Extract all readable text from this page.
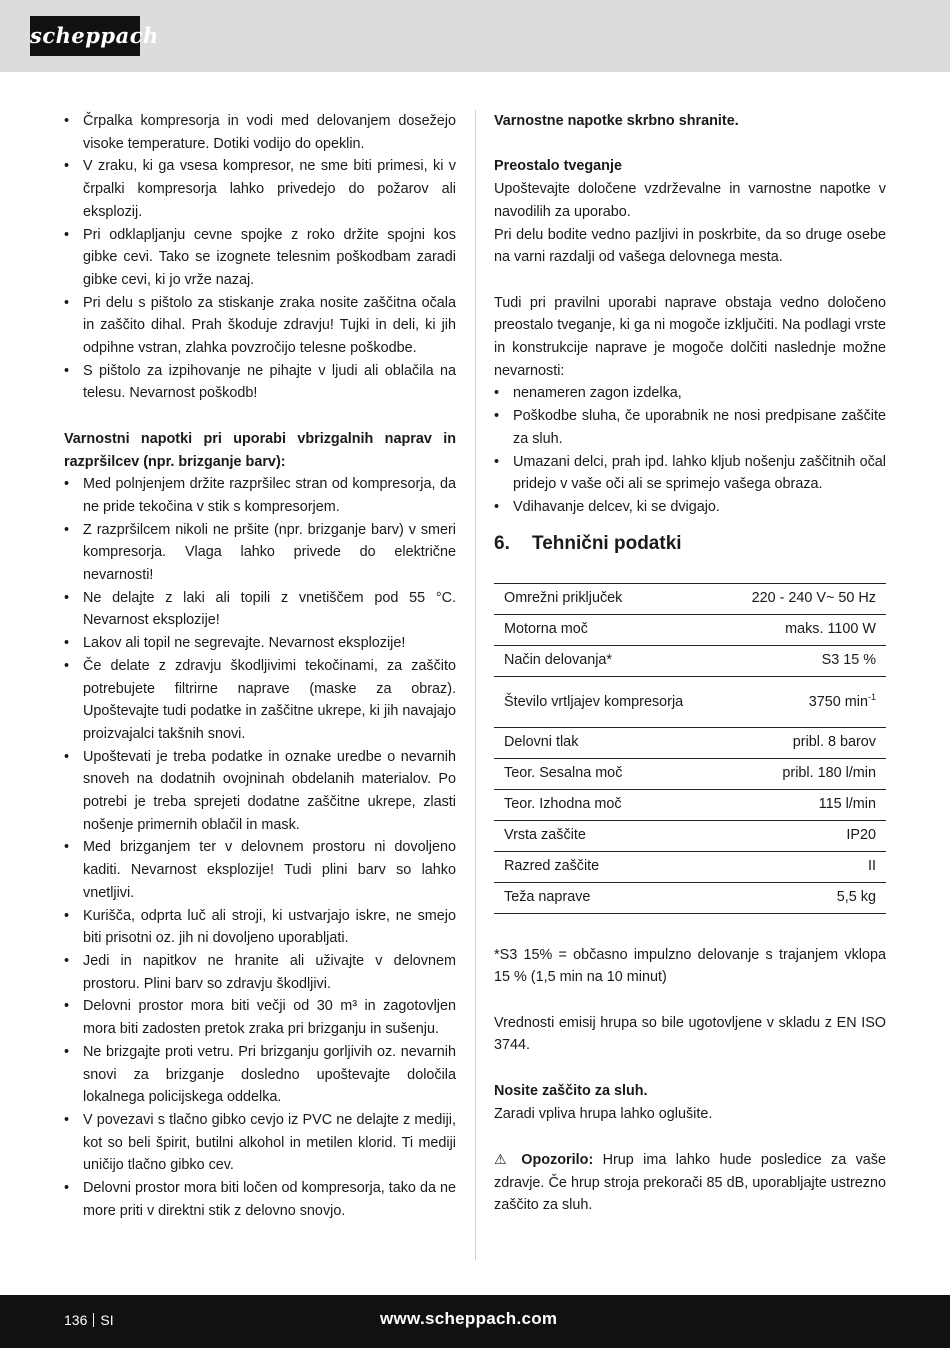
scheppach
• Črpalka kompresorja in vodi med delovanjem dosežejo visoke temperature. Dotiki vodijo do opeklin.
• V zraku, ki ga vsesa kompresor, ne sme biti primesi, ki v črpalki kompresorja lahko privedejo do požarov ali eksplozij.
• Pri odklapljanju cevne spojke z roko držite spojni kos gibke cevi. Tako se izognete telesnim poškodbam zaradi gibke cevi, ki jo vrže nazaj.
• Pri delu s pištolo za stiskanje zraka nosite zaščitna očala in zaščito dihal. Prah škoduje zdravju! Tujki in deli, ki jih odpihne vstran, zlahka povzročijo telesne poškodbe.
• S pištolo za izpihovanje ne pihajte v ljudi ali oblačila na telesu. Nevarnost poškodb!

Varnostni napotki pri uporabi vbrizgalnih naprav in razpršilcev (npr. brizganje barv):

• Med polnjenjem držite razpršilec stran od kompresorja, da ne pride tekočina v stik s kompresorjem.
• Z razpršilcem nikoli ne pršite (npr. brizganje barv) v smeri kompresorja. Vlaga lahko privede do električne nevarnosti!
• Ne delajte z laki ali topili z vnetiščem pod 55 °C. Nevarnost eksplozije!
• Lakov ali topil ne segrevajte. Nevarnost eksplozije!
• Če delate z zdravju škodljivimi tekočinami, za zaščito potrebujete filtrirne naprave (maske za obraz). Upoštevajte tudi podatke in zaščitne ukrepe, ki jih navajajo proizvajalci takšnih snovi.
• Upoštevati je treba podatke in oznake uredbe o nevarnih snoveh na dodatnih ovojninah obdelanih materialov. Po potrebi je treba sprejeti dodatne zaščitne ukrepe, zlasti nošenje primernih oblačil in mask.
• Med brizganjem ter v delovnem prostoru ni dovoljeno kaditi. Nevarnost eksplozije! Tudi plini barv so lahko vnetljivi.
• Kurišča, odprta luč ali stroji, ki ustvarjajo iskre, ne smejo biti prisotni oz. jih ni dovoljeno uporabljati.
• Jedi in napitkov ne hranite ali uživajte v delovnem prostoru. Plini barv so zdravju škodljivi.
• Delovni prostor mora biti večji od 30 m³ in zagotovljen mora biti zadosten pretok zraka pri brizganju in sušenju.
• Ne brizgajte proti vetru. Pri brizganju gorljivih oz. nevarnih snovi za brizganje dosledno upoštevajte določila lokalnega policijskega oddelka.
• V povezavi s tlačno gibko cevjo iz PVC ne delajte z mediji, kot so beli špirit, butilni alkohol in metilen klorid. Ti mediji uničijo tlačno gibko cev.
• Delovni prostor mora biti ločen od kompresorja, tako da ne more priti v direktni stik z delovno snovjo.

Varnostne napotke skrbno shranite.

Preostalo tveganje

Upoštevajte določene vzdrževalne in varnostne napotke v navodilih za uporabo.

Pri delu bodite vedno pazljivi in poskrbite, da so druge osebe na varni razdalji od vašega delovnega mesta.

Tudi pri pravilni uporabi naprave obstaja vedno določeno preostalo tveganje, ki ga ni mogoče izključiti. Na podlagi vrste in konstrukcije naprave je mogoče dolčiti naslednje možne nevarnosti:

• nenameren zagon izdelka,
• Poškodbe sluha, če uporabnik ne nosi predpisane zaščite za sluh.
• Umazani delci, prah ipd. lahko kljub nošenju zaščitnih očal pridejo v vaše oči ali se sprimejo vašega obraza.
• Vdihavanje delcev, ki se dvigajo.
6. Tehnični podatki
Omrežni priključek	220 - 240 V~ 50 Hz
Motorna moč	maks. 1100 W
Način delovanja*	S3 15 %
Število vrtljajev kompresorja	3750 $\min^{-1}$
Delovni tlak	pribl. 8 barov
Teor. Sesalna moč	pribl. 180 l/min
Teor. Izhodna moč	115 l/min
Vrsta zaščite	IP20
Razred zaščite	II
Teža naprave	5,5 kg

*S3 15% = občasno impulzno delovanje s trajanjem vklopa 15 % (1,5 min na 10 minut)

Vrednosti emisij hrupa so bile ugotovljene v skladu z EN ISO 3744.

Nosite zaščito za sluh.

Zaradi vpliva hrupa lahko oglušite.

⚠ Opozorilo: Hrup ima lahko hude posledice za vaše zdravje. Če hrup stroja prekorači 85 dB, uporabljajte ustrezno zaščito za sluh.

136 SI	www.scheppach.com
